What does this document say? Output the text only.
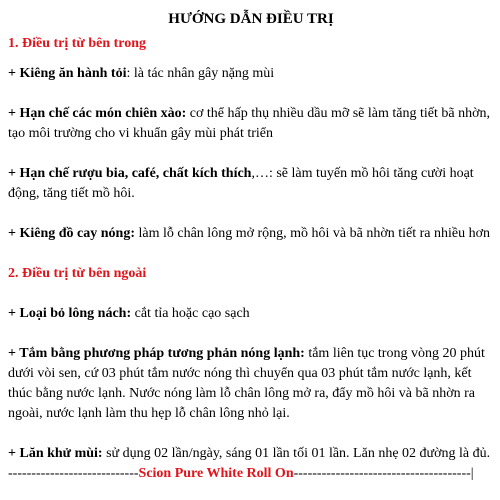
HƯỚNG DẪN ĐIỀU TRỊ
1. Điều trị từ bên trong

+ Kiêng ăn hành tỏi: là tác nhân gây nặng mùi

+ Hạn chế các món chiên xào: cơ thể hấp thụ nhiều dầu mỡ sẽ làm tăng tiết bã nhờn, tạo môi trường cho vi khuẩn gây mùi phát triển

+ Hạn chế rượu bia, café, chất kích thích,…: sẽ làm tuyến mồ hôi tăng cười hoạt động, tăng tiết mồ hôi.

+ Kiêng đồ cay nóng: làm lỗ chân lông mở rộng, mồ hôi và bã nhờn tiết ra nhiều hơn

2. Điều trị từ bên ngoài

+ Loại bỏ lông nách: cắt tỉa hoặc cạo sạch

+ Tắm bằng phương pháp tương phản nóng lạnh: tắm liên tục trong vòng 20 phút dưới vòi sen, cứ 03 phút tắm nước nóng thì chuyển qua 03 phút tắm nước lạnh, kết thúc bằng nước lạnh. Nước nóng làm lỗ chân lông mở ra, đẩy mồ hôi và bã nhờn ra ngoài, nước lạnh làm thu hẹp lỗ chân lông nhỏ lại.

+ Lăn khử mùi: sử dụng 02 lần/ngày, sáng 01 lần tối 01 lần. Lăn nhẹ 02 đường là đủ.

----------------------------Scion Pure White Roll On--------------------------------------|
